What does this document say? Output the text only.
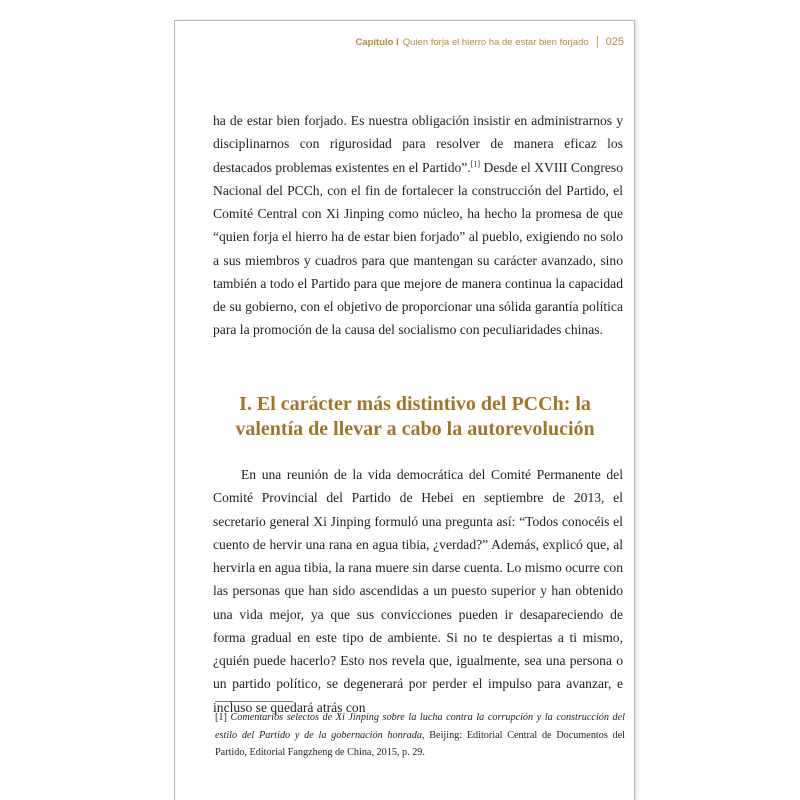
Capítulo I Quien forja el hierro ha de estar bien forjado 025

ha de estar bien forjado. Es nuestra obligación insistir en administrarnos y disciplinarnos con rigurosidad para resolver de manera eficaz los destacados problemas existentes en el Partido”.[1] Desde el XVIII Congreso Nacional del PCCh, con el fin de fortalecer la construcción del Partido, el Comité Central con Xi Jinping como núcleo, ha hecho la promesa de que “quien forja el hierro ha de estar bien forjado” al pueblo, exigiendo no solo a sus miembros y cuadros para que mantengan su carácter avanzado, sino también a todo el Partido para que mejore de manera continua la capacidad de su gobierno, con el objetivo de proporcionar una sólida garantía política para la promoción de la causa del socialismo con peculiaridades chinas.

I. El carácter más distintivo del PCCh: la
valentía de llevar a cabo la autorevolución

En una reunión de la vida democrática del Comité Permanente del Comité Provincial del Partido de Hebei en septiembre de 2013, el secretario general Xi Jinping formuló una pregunta así: “Todos conocéis el cuento de hervir una rana en agua tibia, ¿verdad?” Además, explicó que, al hervirla en agua tibia, la rana muere sin darse cuenta. Lo mismo ocurre con las personas que han sido ascendidas a un puesto superior y han obtenido una vida mejor, ya que sus convicciones pueden ir desapareciendo de forma gradual en este tipo de ambiente. Si no te despiertas a ti mismo, ¿quién puede hacerlo? Esto nos revela que, igualmente, sea una persona o un partido político, se degenerará por perder el impulso para avanzar, e incluso se quedará atrás con

[1] Comentarios selectos de Xi Jinping sobre la lucha contra la corrupción y la construcción del estilo del Partido y de la gobernación honrada, Beijing: Editorial Central de Documentos del Partido, Editorial Fangzheng de China, 2015, p. 29.
